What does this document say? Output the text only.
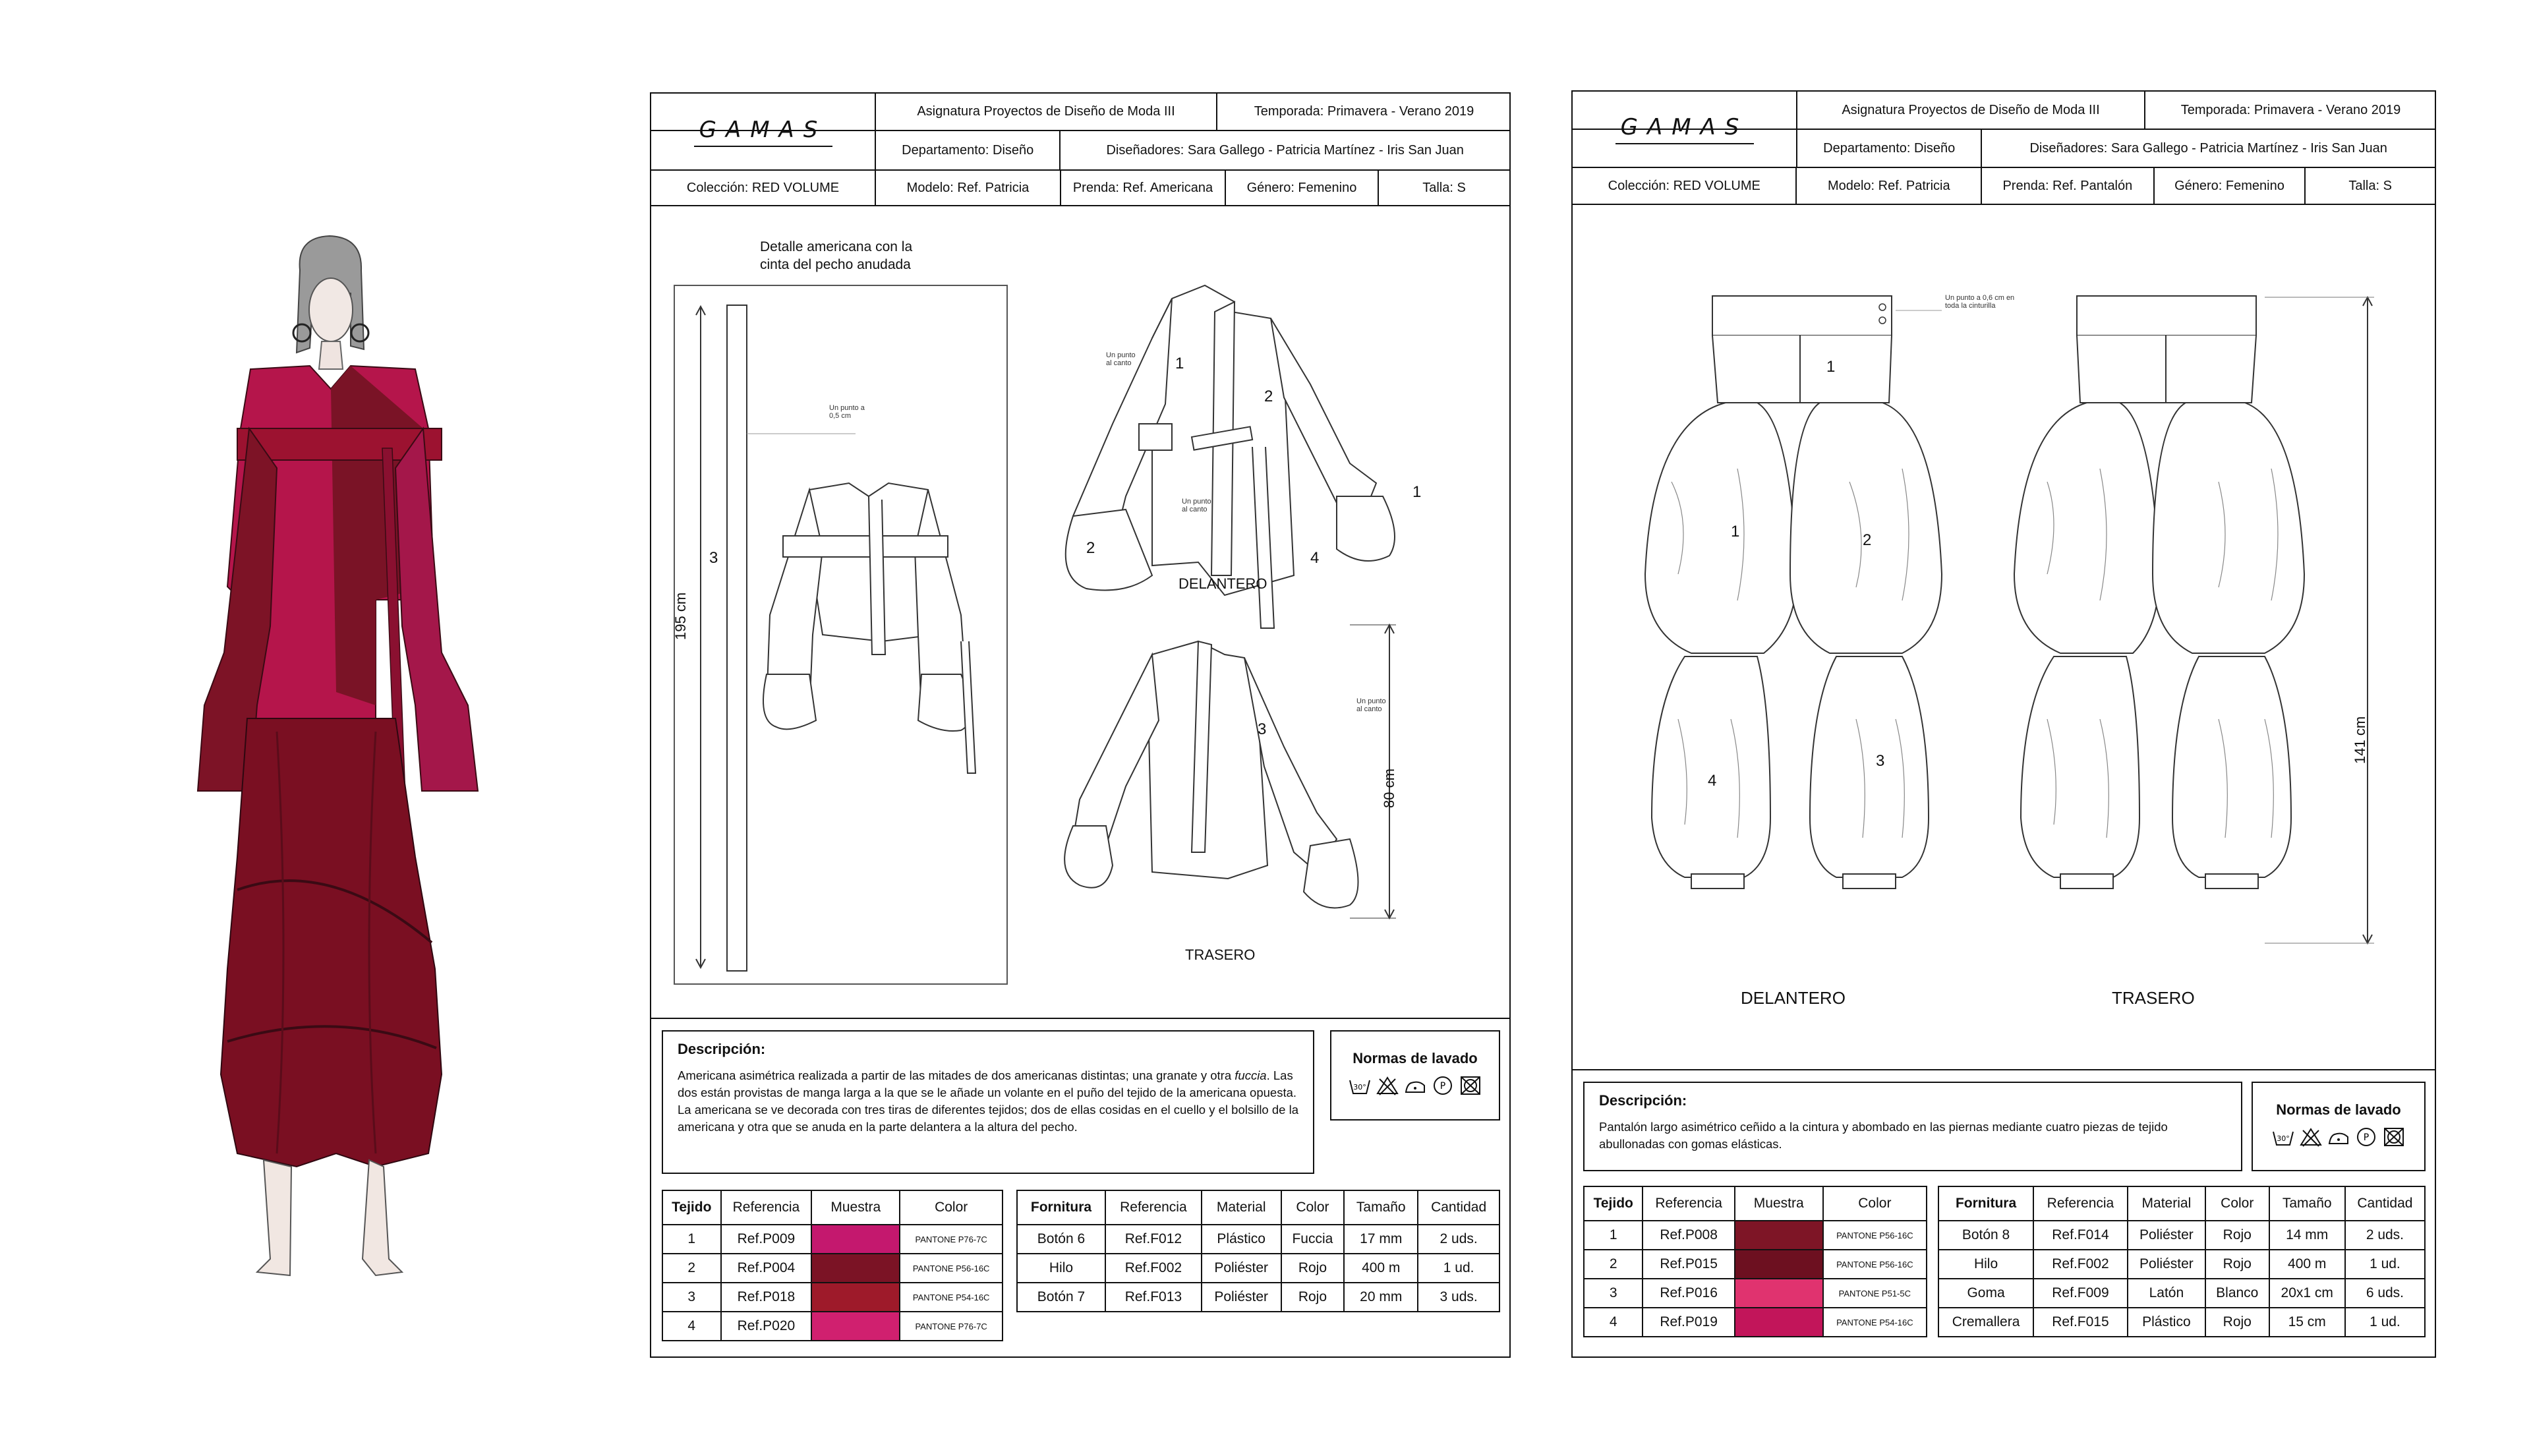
GAMAS
Asignatura Proyectos de Diseño de Moda III	Temporada: Primavera - Verano 2019
Departamento: Diseño	Diseñadores: Sara Gallego - Patricia Martínez - Iris San Juan
Colección: RED VOLUME	Modelo: Ref. Patricia	Prenda: Ref. Americana	Género: Femenino	Talla: S
Detalle americana con la cinta del pecho anudada
195 cm
80 cm
3
1
2
2
1
4
3
DELANTERO
TRASERO
Un punto a 0,5 cm
Un punto al canto
Un punto al canto
Un punto al canto
Descripción:
Americana asimétrica realizada a partir de las mitades de dos americanas distintas; una granate y otra fuccia. Las dos están provistas de manga larga a la que se le añade un volante en el puño del tejido de la americana opuesta. La americana se ve decorada con tres tiras de diferentes tejidos; dos de ellas cosidas en el cuello y el bolsillo de la americana y otra que se anuda en la parte delantera a la altura del pecho.
Normas de lavado
30°	P
Tejido	Referencia	Muestra	Color
1	Ref.P009		PANTONE P76-7C
2	Ref.P004		PANTONE P56-16C
3	Ref.P018		PANTONE P54-16C
4	Ref.P020		PANTONE P76-7C
Fornitura	Referencia	Material	Color	Tamaño	Cantidad
Botón 6	Ref.F012	Plástico	Fuccia	17 mm	2 uds.
Hilo	Ref.F002	Poliéster	Rojo	400 m	1 ud.
Botón 7	Ref.F013	Poliéster	Rojo	20 mm	3 uds.
GAMAS
Asignatura Proyectos de Diseño de Moda III	Temporada: Primavera - Verano 2019
Departamento: Diseño	Diseñadores: Sara Gallego - Patricia Martínez - Iris San Juan
Colección: RED VOLUME	Modelo: Ref. Patricia	Prenda: Ref. Pantalón	Género: Femenino	Talla: S
141 cm
Un punto a 0,6 cm en toda la cinturilla
1
1	2
4
3
DELANTERO	TRASERO
Descripción:
Pantalón largo asimétrico ceñido a la cintura y abombado en las piernas mediante cuatro piezas de tejido abullonadas con gomas elásticas.
Normas de lavado
30°	P
Tejido	Referencia	Muestra	Color
1	Ref.P008		PANTONE P56-16C
2	Ref.P015		PANTONE P56-16C
3	Ref.P016		PANTONE P51-5C
4	Ref.P019		PANTONE P54-16C
Fornitura	Referencia	Material	Color	Tamaño	Cantidad
Botón 8	Ref.F014	Poliéster	Rojo	14 mm	2 uds.
Hilo	Ref.F002	Poliéster	Rojo	400 m	1 ud.
Goma	Ref.F009	Latón	Blanco	20x1 cm	6 uds.
Cremallera	Ref.F015	Plástico	Rojo	15 cm	1 ud.
